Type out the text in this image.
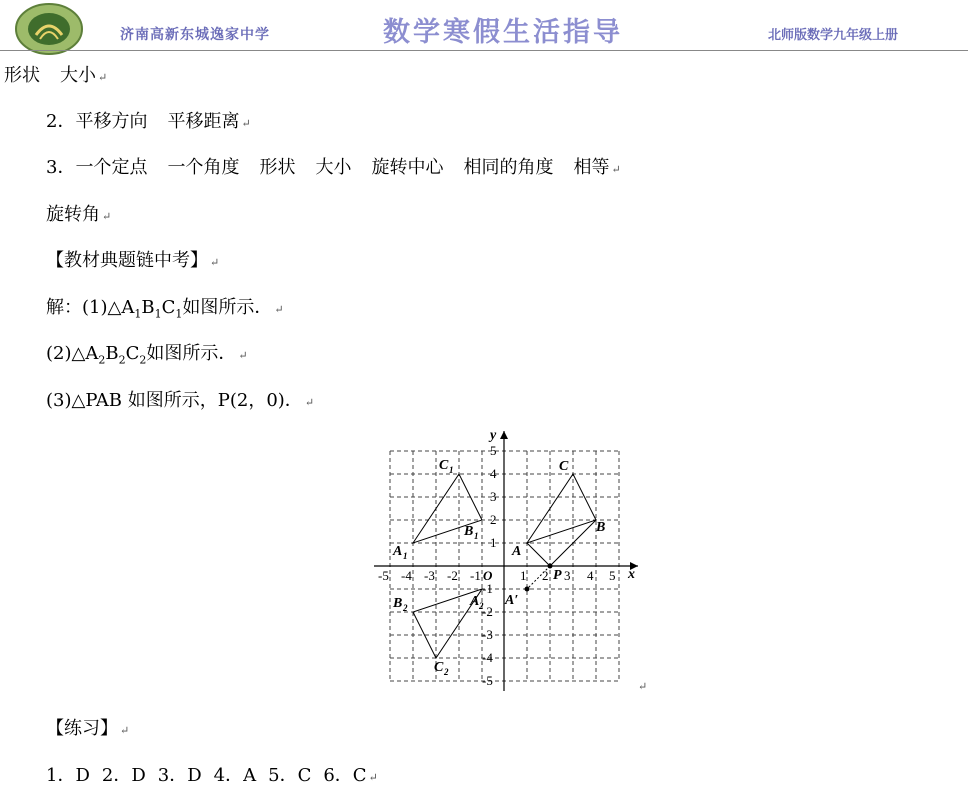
济南高新东城逸家中学	数学寒假生活指导	北师版数学九年级上册
形状 大小 ↵
2．平移方向 平移距离 ↵
3．一个定点 一个角度 形状 大小 旋转中心 相同的角度 相等 ↵
旋转角 ↵
【教材典题链中考】 ↵
解：$(1)\triangle A_1B_1C_1$如图所示． ↵
$(2)\triangle A_2B_2C_2$如图所示． ↵
(3)△PAB 如图所示，P(2，0)． ↵
x
y
-5 -4 -3 -2 -1 O 1 2 3 4 5
5
4
3
2
1
-1
-2
-3
-4
-5
A
B
C
P
A′
A 1
B 1
C 1
A 2
B 2
C 2
↵
【练习】 ↵
1．D 2．D 3．D 4．A 5．C 6．C ↵
